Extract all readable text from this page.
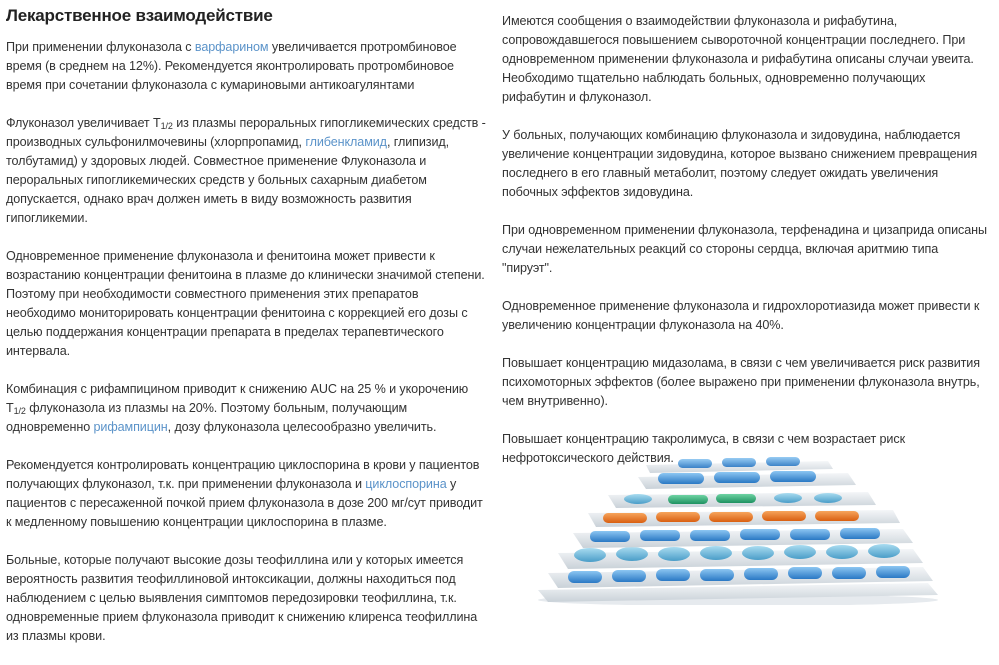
Лекарственное взаимодействие

При применении флуконазола с варфарином увеличивается протромбиновое время (в среднем на 12%). Рекомендуется яконтролировать протромбиновое время при сочетании флуконазола с кумариновыми антикоагулянтами

Флуконазол увеличивает $T_{1/2}$ из плазмы пероральных гипогликемических средств - производных сульфонилмочевины (хлорпропамид, глибенкламид, глипизид, толбутамид) у здоровых людей. Совместное применение Флуконазола и пероральных гипогликемических средств у больных сахарным диабетом допускается, однако врач должен иметь в виду возможность развития гипогликемии.

Одновременное применение флуконазола и фенитоина может привести к возрастанию концентрации фенитоина в плазме до клинически значимой степени. Поэтому при необходимости совместного применения этих препаратов необходимо мониторировать концентрации фенитоина с коррекцией его дозы с целью поддержания концентрации препарата в пределах терапевтического интервала.

Комбинация с рифампицином приводит к снижению AUC на 25 % и укорочению $T_{1/2}$ флуконазола из плазмы на 20%. Поэтому больным, получающим одновременно рифампицин, дозу флуконазола целесообразно увеличить.

Рекомендуется контролировать концентрацию циклоспорина в крови у пациентов получающих флуконазол, т.к. при применении флуконазола и циклоспорина у пациентов с пересаженной почкой прием флуконазола в дозе 200 мг/сут приводит к медленному повышению концентрации циклоспорина в плазме.

Больные, которые получают высокие дозы теофиллина или у которых имеется вероятность развития теофиллиновой интоксикации, должны находиться под наблюдением с целью выявления симптомов передозировки теофиллина, т.к. одновременные прием флуконазола приводит к снижению клиренса теофиллина из плазмы крови.

Имеются сообщения о взаимодействии флуконазола и рифабутина, сопровождавшегося повышением сывороточной концентрации последнего. При одновременном применении флуконазола и рифабутина описаны случаи увеита. Необходимо тщательно наблюдать больных, одновременно получающих рифабутин и флуконазол.

У больных, получающих комбинацию флуконазола и зидовудина, наблюдается увеличение концентрации зидовудина, которое вызвано снижением превращения последнего в его главный метаболит, поэтому следует ожидать увеличения побочных эффектов зидовудина.

При одновременном применении флуконазола, терфенадина и цизаприда описаны случаи нежелательных реакций со стороны сердца, включая аритмию типа "пируэт".

Одновременное применение флуконазола и гидрохлоротиазида может привести к увеличению концентрации флуконазола на 40%.

Повышает концентрацию мидазолама, в связи с чем увеличивается риск развития психомоторных эффектов (более выражено при применении флуконазола внутрь, чем внутривенно).

Повышает концентрацию такролимуса, в связи с чем возрастает риск нефротоксического действия.
